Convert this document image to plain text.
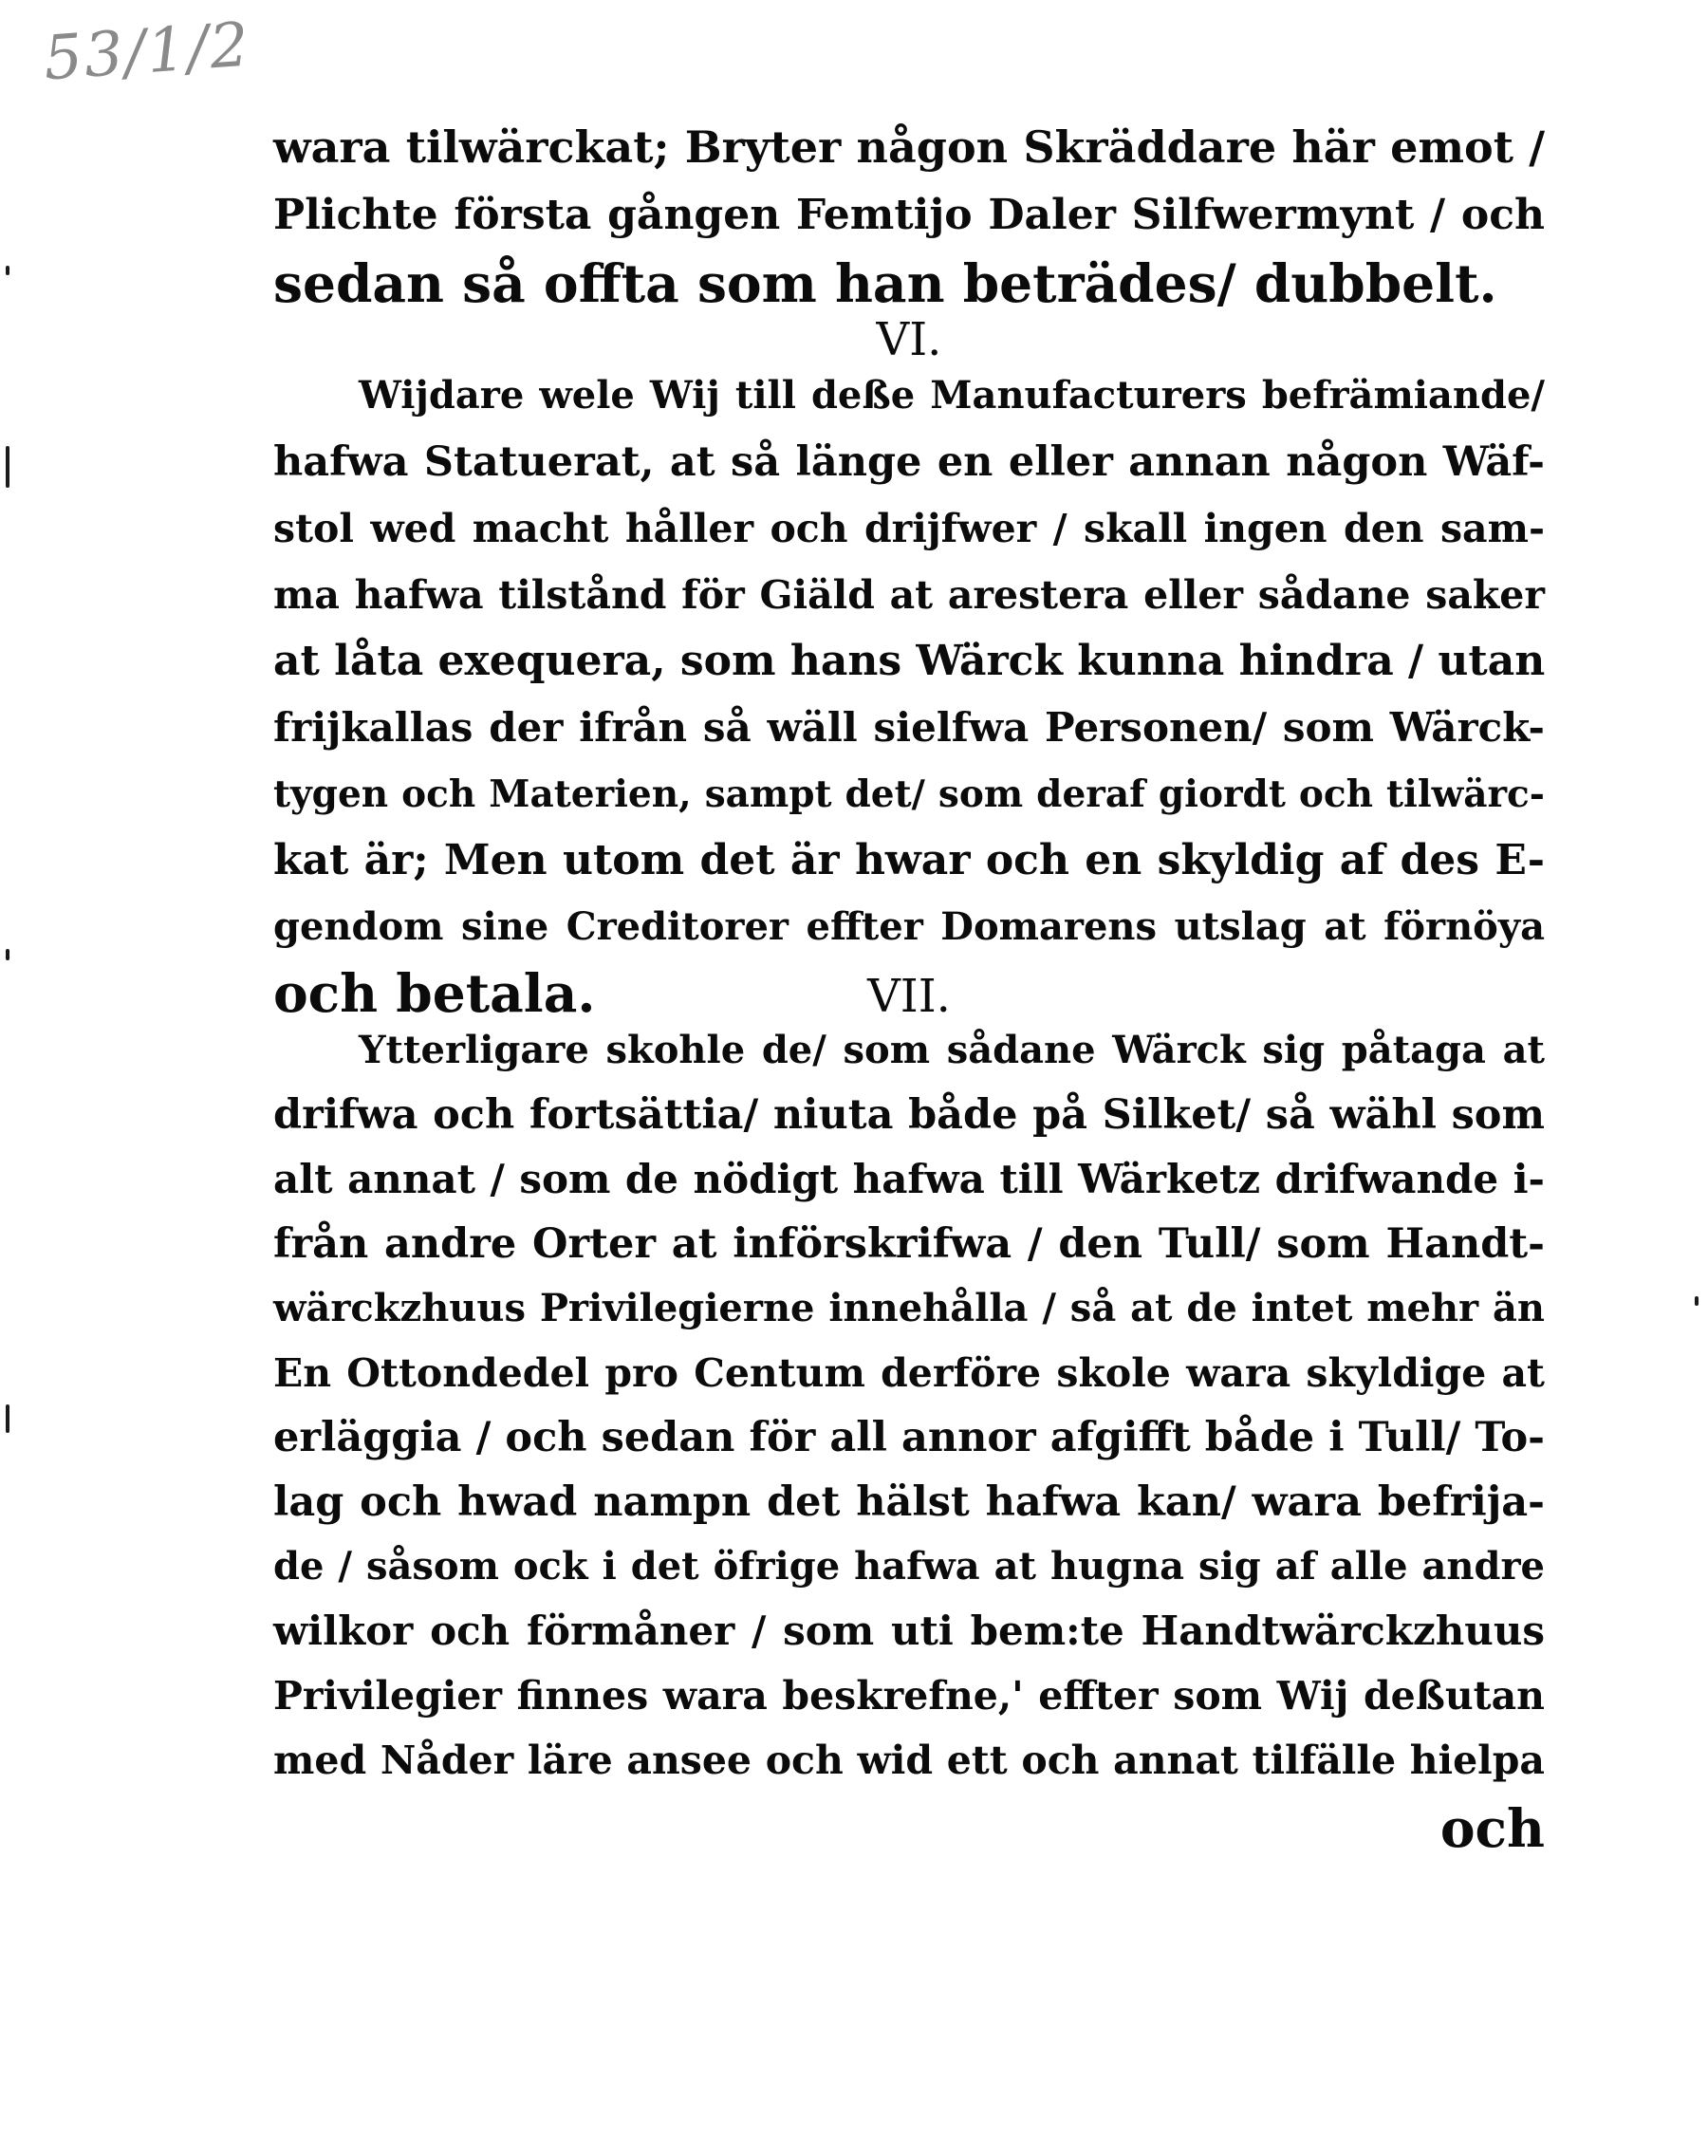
53/1/2
wara tilwärckat; Bryter någon Skräddare här emot /
Plichte första gången Femtijo Daler Silfwermynt / och
sedan så offta som han beträdes/ dubbelt.
VI.
Wijdare wele Wij till deße Manufacturers befrämiande/
hafwa Statuerat, at så länge en eller annan någon Wäf-
stol wed macht håller och drijfwer / skall ingen den sam-
ma hafwa tilstånd för Giäld at arestera eller sådane saker
at låta exequera, som hans Wärck kunna hindra / utan
frijkallas der ifrån så wäll sielfwa Personen/ som Wärck-
tygen och Materien, sampt det/ som deraf giordt och tilwärc-
kat är; Men utom det är hwar och en skyldig af des E-
gendom sine Creditorer effter Domarens utslag at förnöya
och betala.	VII.
Ytterligare skohle de/ som sådane Wärck sig påtaga at
drifwa och fortsättia/ niuta både på Silket/ så wähl som
alt annat / som de nödigt hafwa till Wärketz drifwande i-
från andre Orter at införskrifwa / den Tull/ som Handt-
wärckzhuus Privilegierne innehålla / så at de intet mehr än
En Ottondedel pro Centum derföre skole wara skyldige at
erläggia / och sedan för all annor afgifft både i Tull/ To-
lag och hwad nampn det hälst hafwa kan/ wara befrija-
de / såsom ock i det öfrige hafwa at hugna sig af alle andre
wilkor och förmåner / som uti bem:te Handtwärckzhuus
Privilegier finnes wara beskrefne,' effter som Wij deßutan
med Nåder läre ansee och wid ett och annat tilfälle hielpa
och
